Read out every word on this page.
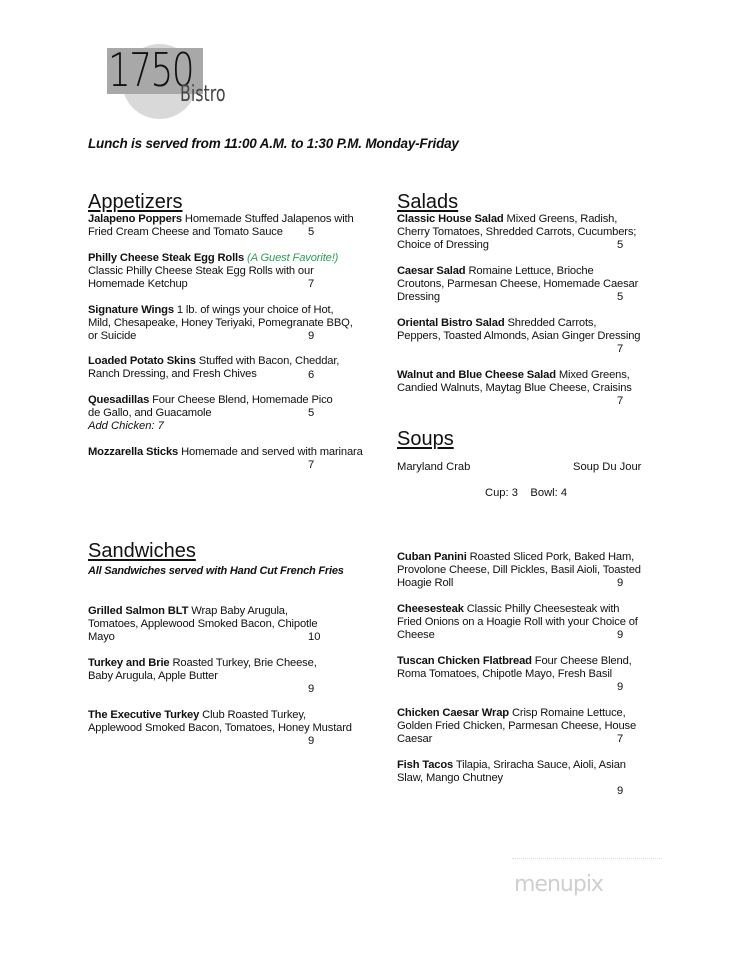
1750
Bistro
Lunch is served from 11:00 A.M. to 1:30 P.M. Monday-Friday
Appetizers
Jalapeno Poppers Homemade Stuffed Jalapenos with Fried Cream Cheese and Tomato Sauce	5
Philly Cheese Steak Egg Rolls (A Guest Favorite!) Classic Philly Cheese Steak Egg Rolls with our Homemade Ketchup	7
Signature Wings 1 lb. of wings your choice of Hot, Mild, Chesapeake, Honey Teriyaki, Pomegranate BBQ, or Suicide	9
Loaded Potato Skins Stuffed with Bacon, Cheddar, Ranch Dressing, and Fresh Chives	6
Quesadillas Four Cheese Blend, Homemade Pico de Gallo, and Guacamole	5
Add Chicken: 7
Mozzarella Sticks Homemade and served with marinara
7
Salads
Classic House Salad Mixed Greens, Radish, Cherry Tomatoes, Shredded Carrots, Cucumbers; Choice of Dressing	5
Caesar Salad Romaine Lettuce, Brioche Croutons, Parmesan Cheese, Homemade Caesar Dressing	5
Oriental Bistro Salad Shredded Carrots, Peppers, Toasted Almonds, Asian Ginger Dressing
7
Walnut and Blue Cheese Salad Mixed Greens, Candied Walnuts, Maytag Blue Cheese, Craisins
7
Soups
Maryland Crab	Soup Du Jour
Cup: 3    Bowl: 4
Sandwiches
All Sandwiches served with Hand Cut French Fries
Grilled Salmon BLT Wrap Baby Arugula, Tomatoes, Applewood Smoked Bacon, Chipotle Mayo	10
Turkey and Brie Roasted Turkey, Brie Cheese, Baby Arugula, Apple Butter
9
The Executive Turkey Club Roasted Turkey, Applewood Smoked Bacon, Tomatoes, Honey Mustard
9
Cuban Panini Roasted Sliced Pork, Baked Ham, Provolone Cheese, Dill Pickles, Basil Aioli, Toasted Hoagie Roll	9
Cheesesteak Classic Philly Cheesesteak with Fried Onions on a Hoagie Roll with your Choice of Cheese	9
Tuscan Chicken Flatbread Four Cheese Blend, Roma Tomatoes, Chipotle Mayo, Fresh Basil
9
Chicken Caesar Wrap Crisp Romaine Lettuce, Golden Fried Chicken, Parmesan Cheese, House Caesar	7
Fish Tacos Tilapia, Sriracha Sauce, Aioli, Asian Slaw, Mango Chutney
9
menupix
